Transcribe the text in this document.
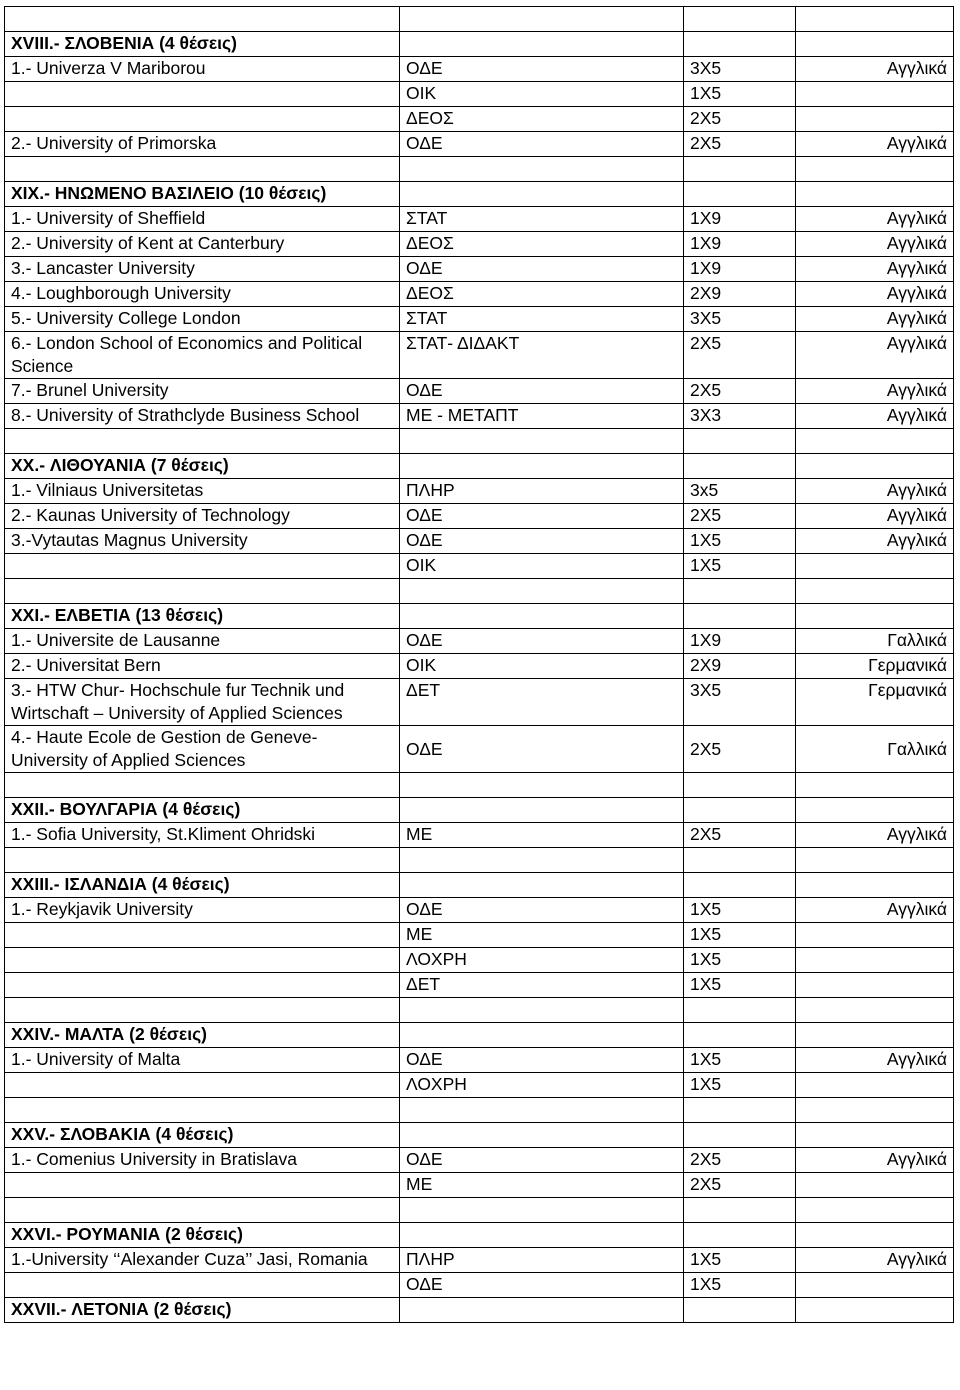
XVIII.- ΣΛΟΒΕΝΙΑ (4 θέσεις)			
1.- Univerza V Mariborou	ΟΔΕ	3X5	Αγγλικά
	ΟΙΚ	1X5	
	ΔΕΟΣ	2X5	
2.- University of Primorska	ΟΔΕ	2X5	Αγγλικά

XIX.- ΗΝΩΜΕΝΟ ΒΑΣΙΛΕΙΟ (10 θέσεις)			
1.- University of Sheffield	ΣΤΑΤ	1X9	Αγγλικά
2.- University of Kent at Canterbury	ΔΕΟΣ	1X9	Αγγλικά
3.- Lancaster University	ΟΔΕ	1X9	Αγγλικά
4.- Loughborough University	ΔΕΟΣ	2X9	Αγγλικά
5.- University College London	ΣΤΑΤ	3X5	Αγγλικά
6.- London School of Economics and Political Science	ΣΤΑΤ- ΔΙΔΑΚΤ	2X5	Αγγλικά
7.- Brunel University	ΟΔΕ	2X5	Αγγλικά
8.- University of Strathclyde Business School	ΜΕ - ΜΕΤΑΠΤ	3X3	Αγγλικά

XX.- ΛΙΘΟΥΑΝΙΑ (7 θέσεις)			
1.- Vilniaus Universitetas	ΠΛΗΡ	3x5	Αγγλικά
2.- Kaunas University of Technology	ΟΔΕ	2X5	Αγγλικά
3.-Vytautas Magnus University	ΟΔΕ	1X5	Αγγλικά
	ΟΙΚ	1X5	

XXI.- ΕΛΒΕΤΙΑ (13 θέσεις)			
1.- Universite de Lausanne	ΟΔΕ	1X9	Γαλλικά
2.- Universitat Bern	ΟΙΚ	2X9	Γερμανικά
3.- HTW Chur- Hochschule fur Technik und Wirtschaft – University of Applied Sciences	ΔΕΤ	3X5	Γερμανικά
4.- Haute Ecole de Gestion de Geneve- University of Applied Sciences	ΟΔΕ	2X5	Γαλλικά

XXII.- ΒΟΥΛΓΑΡΙΑ (4 θέσεις)			
1.- Sofia University, St.Kliment Ohridski	ΜΕ	2X5	Αγγλικά

XXIII.- ΙΣΛΑΝΔΙΑ (4 θέσεις)			
1.- Reykjavik University	ΟΔΕ	1X5	Αγγλικά
	ΜΕ	1X5	
	ΛΟΧΡΗ	1X5	
	ΔΕΤ	1X5	

XXIV.- ΜΑΛΤΑ (2 θέσεις)			
1.- University of Malta	ΟΔΕ	1X5	Αγγλικά
	ΛΟΧΡΗ	1X5	

XXV.- ΣΛΟΒΑΚΙΑ (4 θέσεις)			
1.- Comenius University in Bratislava	ΟΔΕ	2X5	Αγγλικά
	ΜΕ	2X5	

XXVI.- ΡΟΥΜΑΝΙΑ (2 θέσεις)			
1.-University ‘‘Alexander Cuza’’ Jasi, Romania	ΠΛΗΡ	1X5	Αγγλικά
	ΟΔΕ	1X5	
XXVII.- ΛΕΤΟΝΙΑ (2 θέσεις)			
